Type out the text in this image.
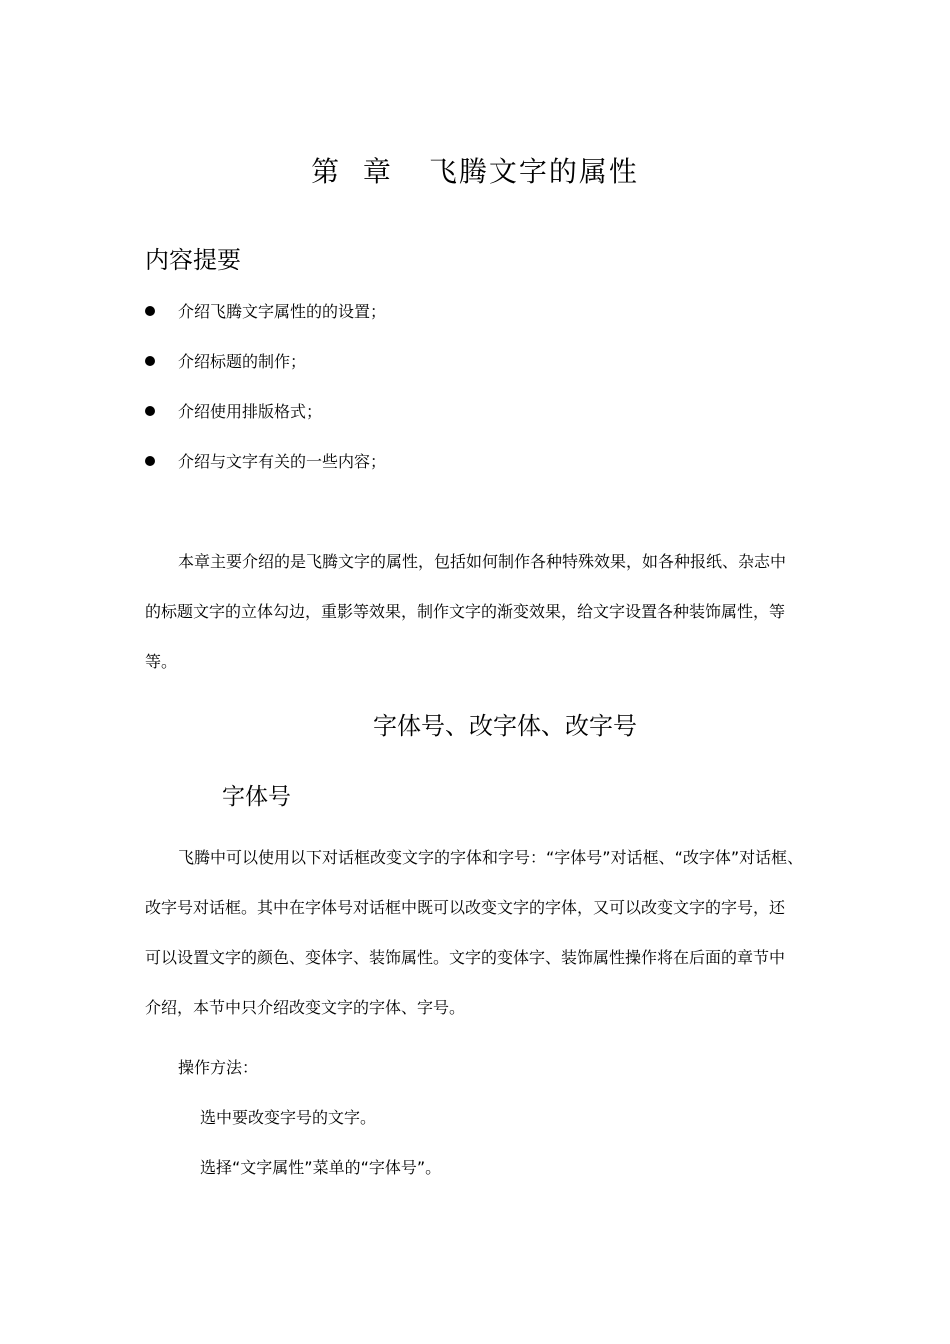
第  章 飞腾文字的属性
内容提要
介绍飞腾文字属性的的设置；
介绍标题的制作；
介绍使用排版格式；
介绍与文字有关的一些内容；
本章主要介绍的是飞腾文字的属性，包括如何制作各种特殊效果，如各种报纸、杂志中
的标题文字的立体勾边，重影等效果，制作文字的渐变效果，给文字设置各种装饰属性，等
等。
字体号、改字体、改字号
字体号
飞腾中可以使用以下对话框改变文字的字体和字号：“字体号”对话框、“改字体”对话框、
改字号对话框。其中在字体号对话框中既可以改变文字的字体，又可以改变文字的字号，还
可以设置文字的颜色、变体字、装饰属性。文字的变体字、装饰属性操作将在后面的章节中
介绍，本节中只介绍改变文字的字体、字号。
操作方法：
选中要改变字号的文字。
选择“文字属性”菜单的“字体号”。
